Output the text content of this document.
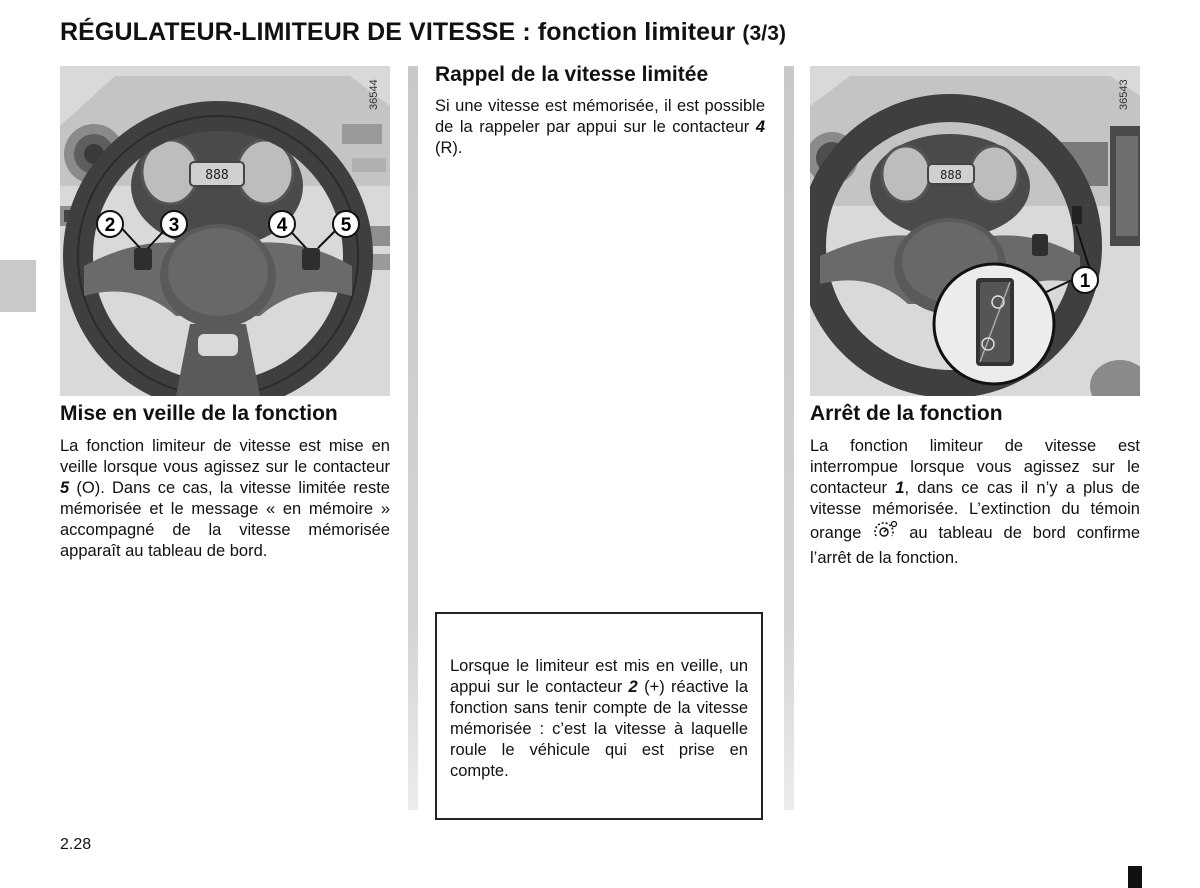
RÉGULATEUR-LIMITEUR DE VITESSE : fonction limiteur (3/3)
888
2	3	4	5
36544
Mise en veille de la fonction

La fonction limiteur de vitesse est mise en veille lorsque vous agissez sur le contacteur 5 (O). Dans ce cas, la vitesse limitée reste mémorisée et le message « en mémoire » accompagné de la vitesse mémorisée apparaît au tableau de bord.

Rappel de la vitesse limitée

Si une vitesse est mémorisée, il est possible de la rappeler par appui sur le contacteur 4 (R).

Lorsque le limiteur est mis en veille, un appui sur le contacteur 2 (+) réactive la fonction sans tenir compte de la vitesse mémorisée : c’est la vitesse à laquelle roule le véhicule qui est prise en compte.

888
1
36543
Arrêt de la fonction

La fonction limiteur de vitesse est interrompue lorsque vous agissez sur le contacteur 1, dans ce cas il n’y a plus de vitesse mémorisée. L’extinction du témoin orange  au tableau de bord confirme l’arrêt de la fonction.

2.28
